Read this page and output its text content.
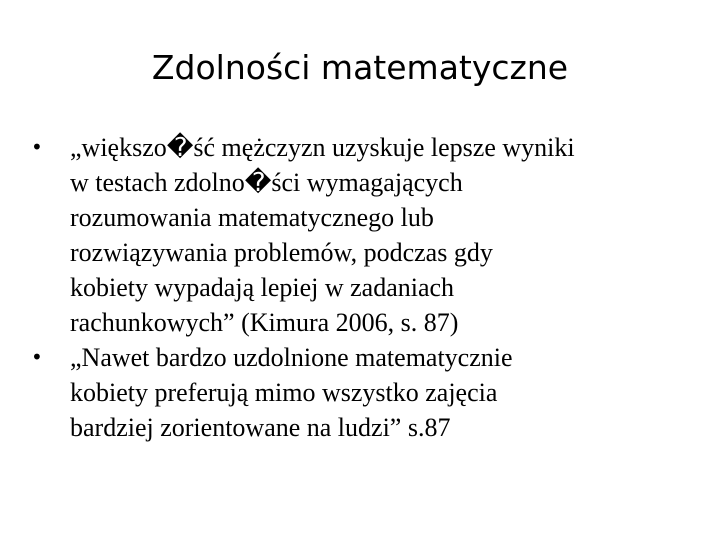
Zdolności matematyczne
• „większo�ść mężczyzn uzyskuje lepsze wyniki
w testach zdolno�ści wymagających
rozumowania matematycznego lub
rozwiązywania problemów, podczas gdy
kobiety wypadają lepiej w zadaniach
rachunkowych” (Kimura 2006, s. 87)
• „Nawet bardzo uzdolnione matematycznie
kobiety preferują mimo wszystko zajęcia
bardziej zorientowane na ludzi” s.87
